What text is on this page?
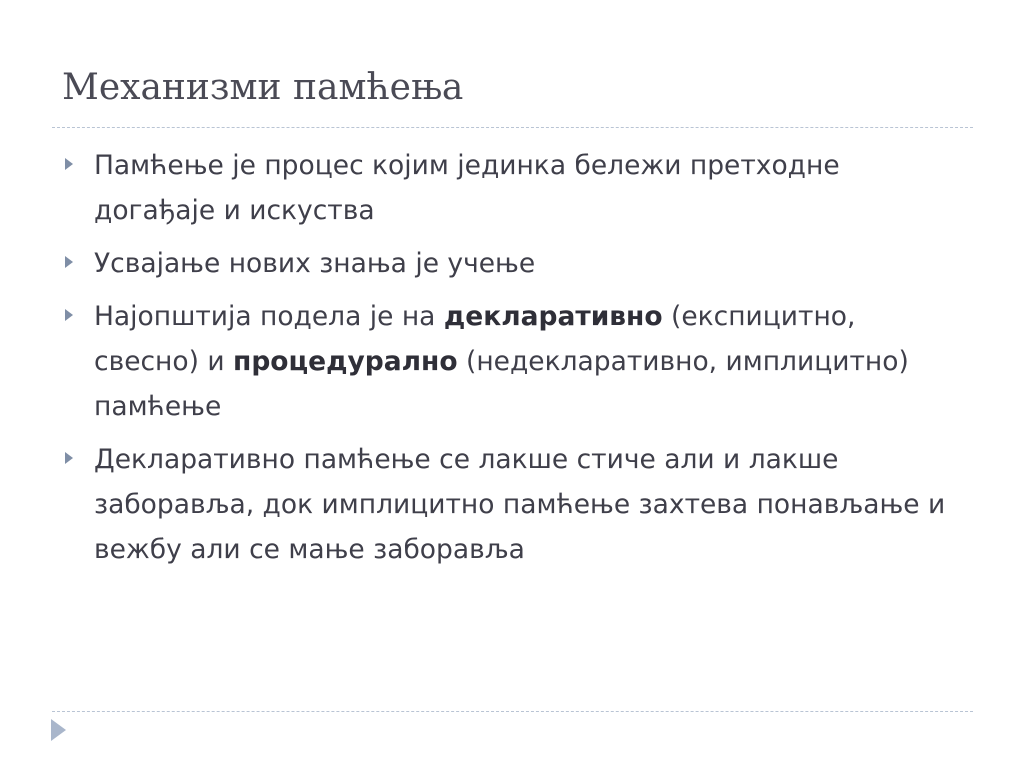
Механизми памћења
Памћење је процес којим јединка бележи претходне догађаје и искуства
Усвајање нових знања је учење
Најопштија подела је на декларативно (експицитно, свесно) и процедурално (недекларативно, имплицитно) памћење
Декларативно памћење се лакше стиче али и лакше заборавља, док имплицитно памћење захтева понављање и вежбу али се мање заборавља
